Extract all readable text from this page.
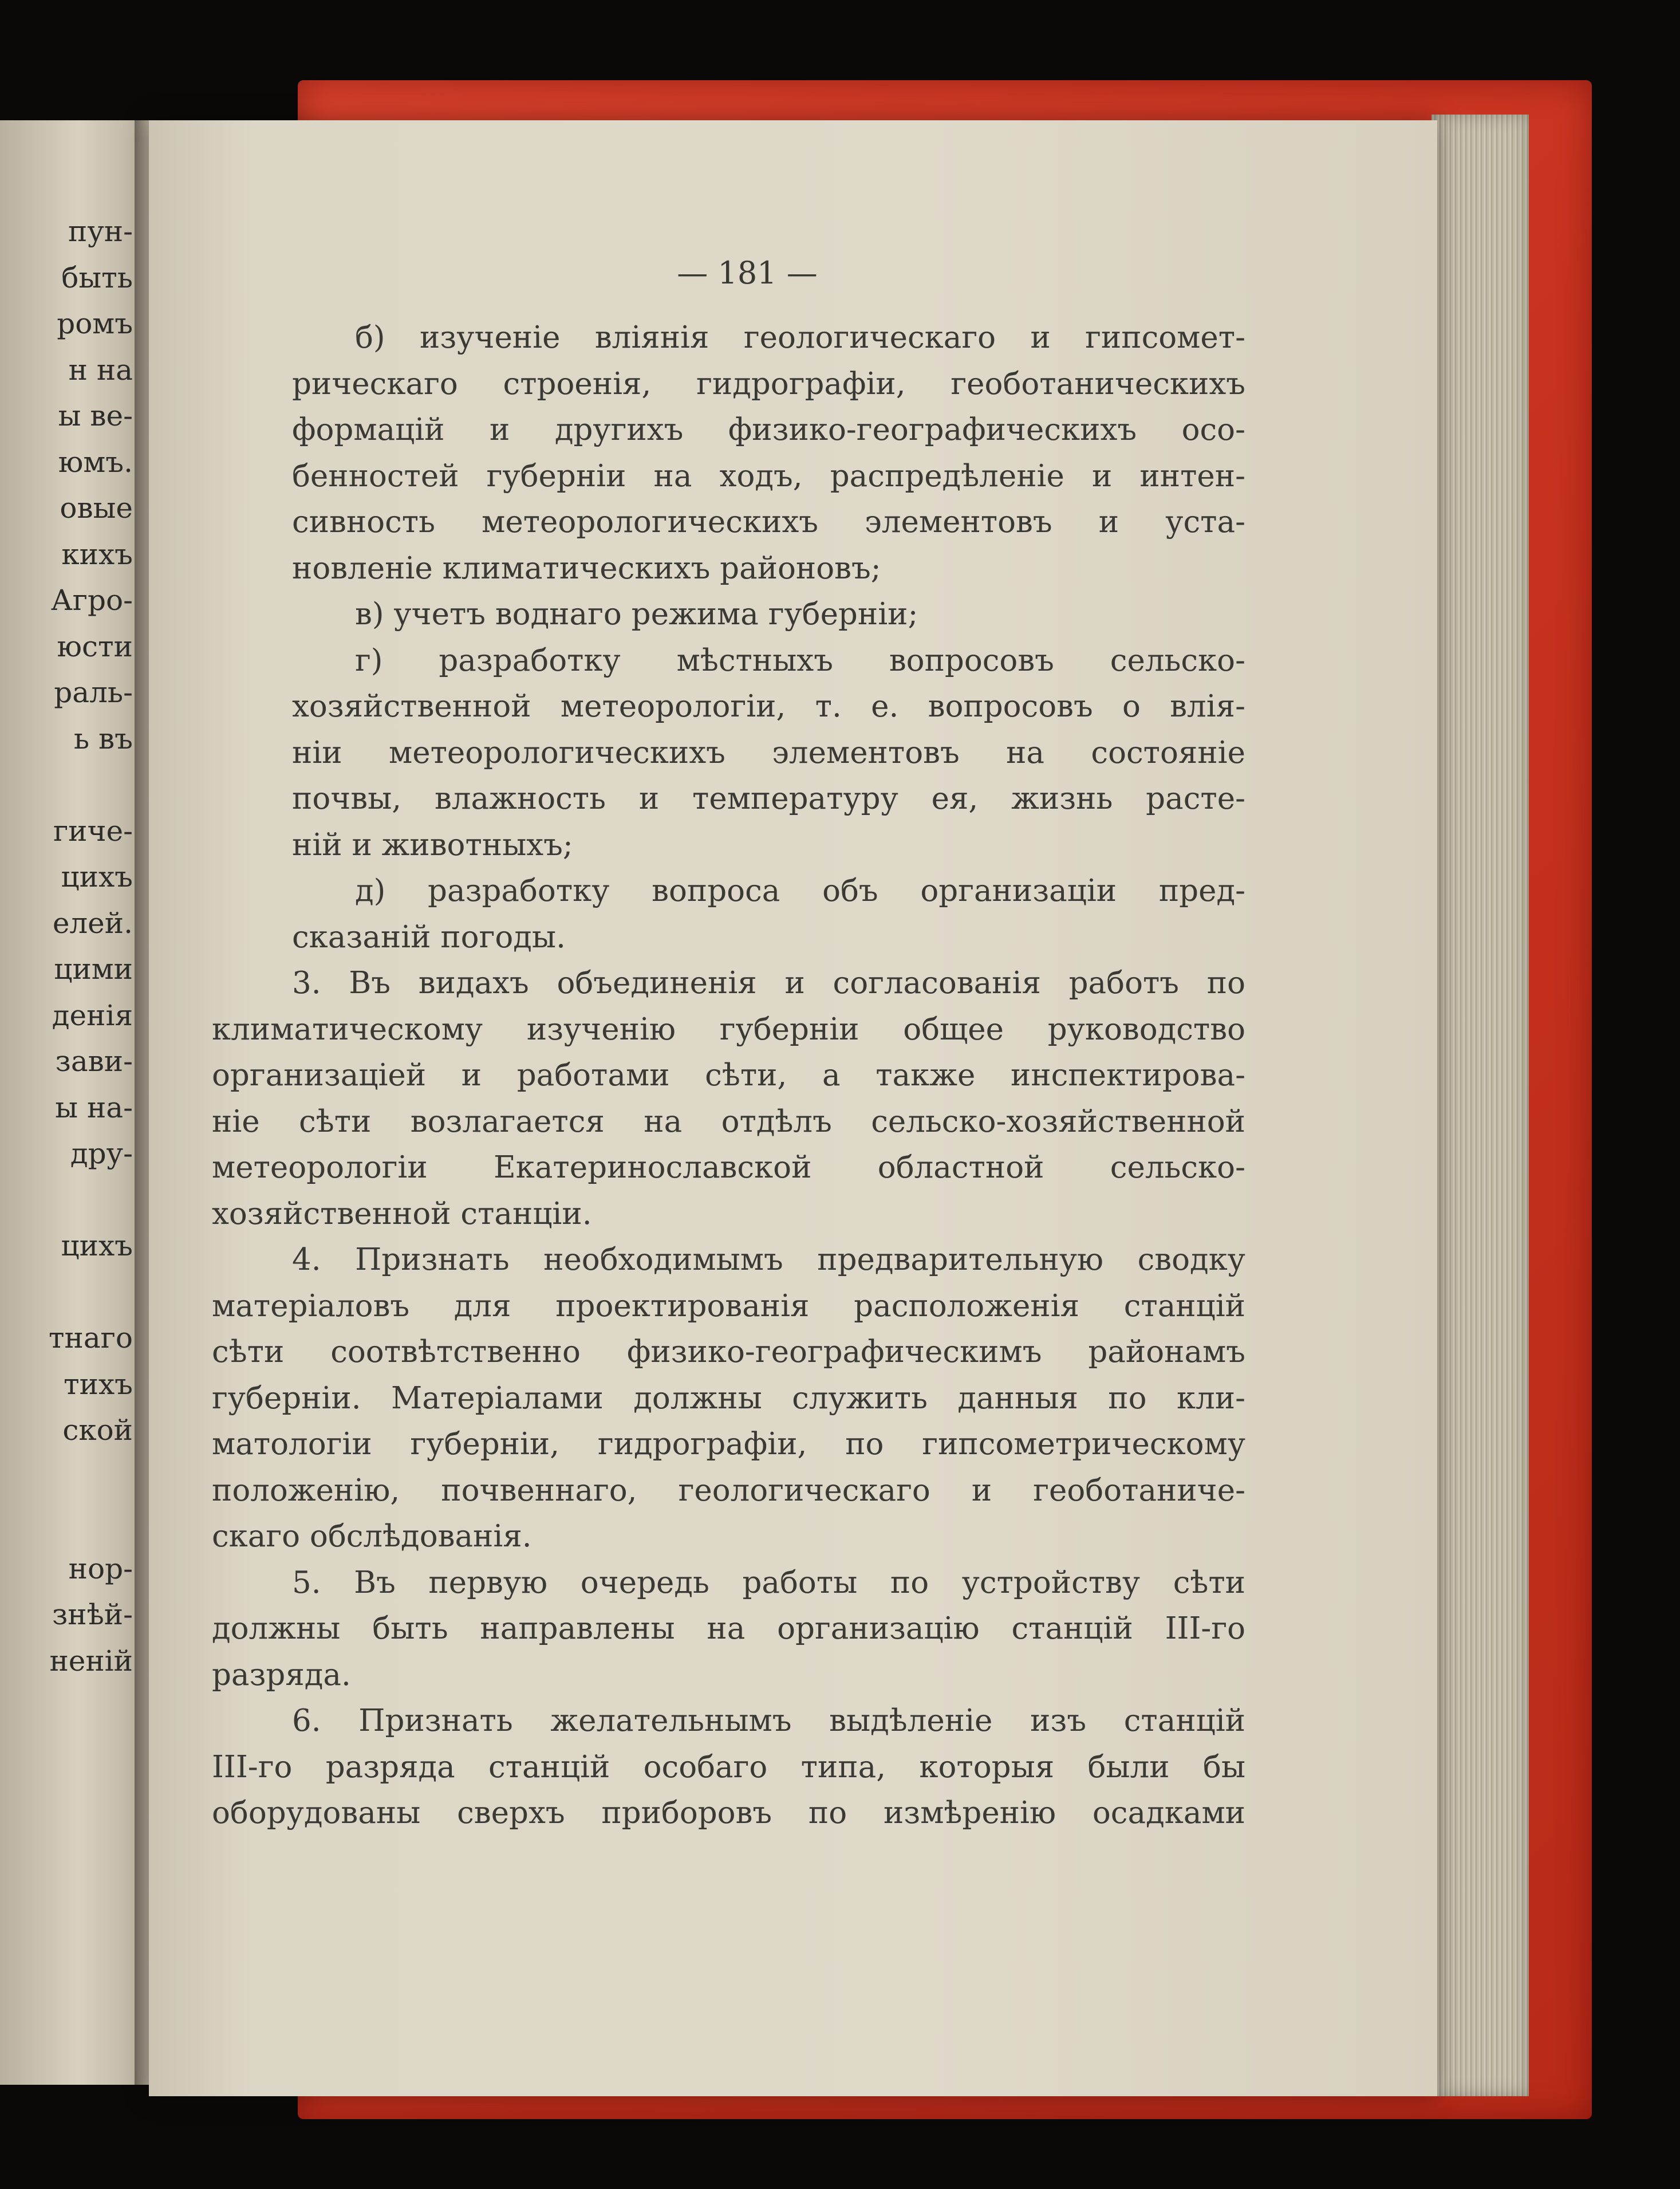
пун-
быть
ромъ
н на
ы ве-
юмъ.
овые
кихъ
Агро-
юсти
раль-
ь въ
гиче-
цихъ
елей.
цими
денія
зави-
ы на-
дру-
цихъ
тнаго
тихъ
ской
нор-
знѣй-
неній
— 181 —
б) изученіе вліянія геологическаго и гипсомет-
рическаго строенія, гидрографіи, геоботаническихъ
формацій и другихъ физико-географическихъ осо-
бенностей губерніи на ходъ, распредѣленіе и интен-
сивность метеорологическихъ элементовъ и уста-
новленіе климатическихъ районовъ;
в) учетъ воднаго режима губерніи;
г) разработку мѣстныхъ вопросовъ сельско-
хозяйственной метеорологіи, т. е. вопросовъ о влія-
ніи метеорологическихъ элементовъ на состояніе
почвы, влажность и температуру ея, жизнь расте-
ній и животныхъ;
д) разработку вопроса объ организаціи пред-
сказаній погоды.
3. Въ видахъ объединенія и согласованія работъ по
климатическому изученію губерніи общее руководство
организаціей и работами сѣти, а также инспектирова-
ніе сѣти возлагается на отдѣлъ сельско-хозяйственной
метеорологіи Екатеринославской областной сельско-
хозяйственной станціи.
4. Признать необходимымъ предварительную сводку
матеріаловъ для проектированія расположенія станцій
сѣти соотвѣтственно физико-географическимъ районамъ
губерніи. Матеріалами должны служить данныя по кли-
матологіи губерніи, гидрографіи, по гипсометрическому
положенію, почвеннаго, геологическаго и геоботаниче-
скаго обслѣдованія.
5. Въ первую очередь работы по устройству сѣти
должны быть направлены на организацію станцій III-го
разряда.
6. Признать желательнымъ выдѣленіе изъ станцій
III-го разряда станцій особаго типа, которыя были бы
оборудованы сверхъ приборовъ по измѣренію осадками
